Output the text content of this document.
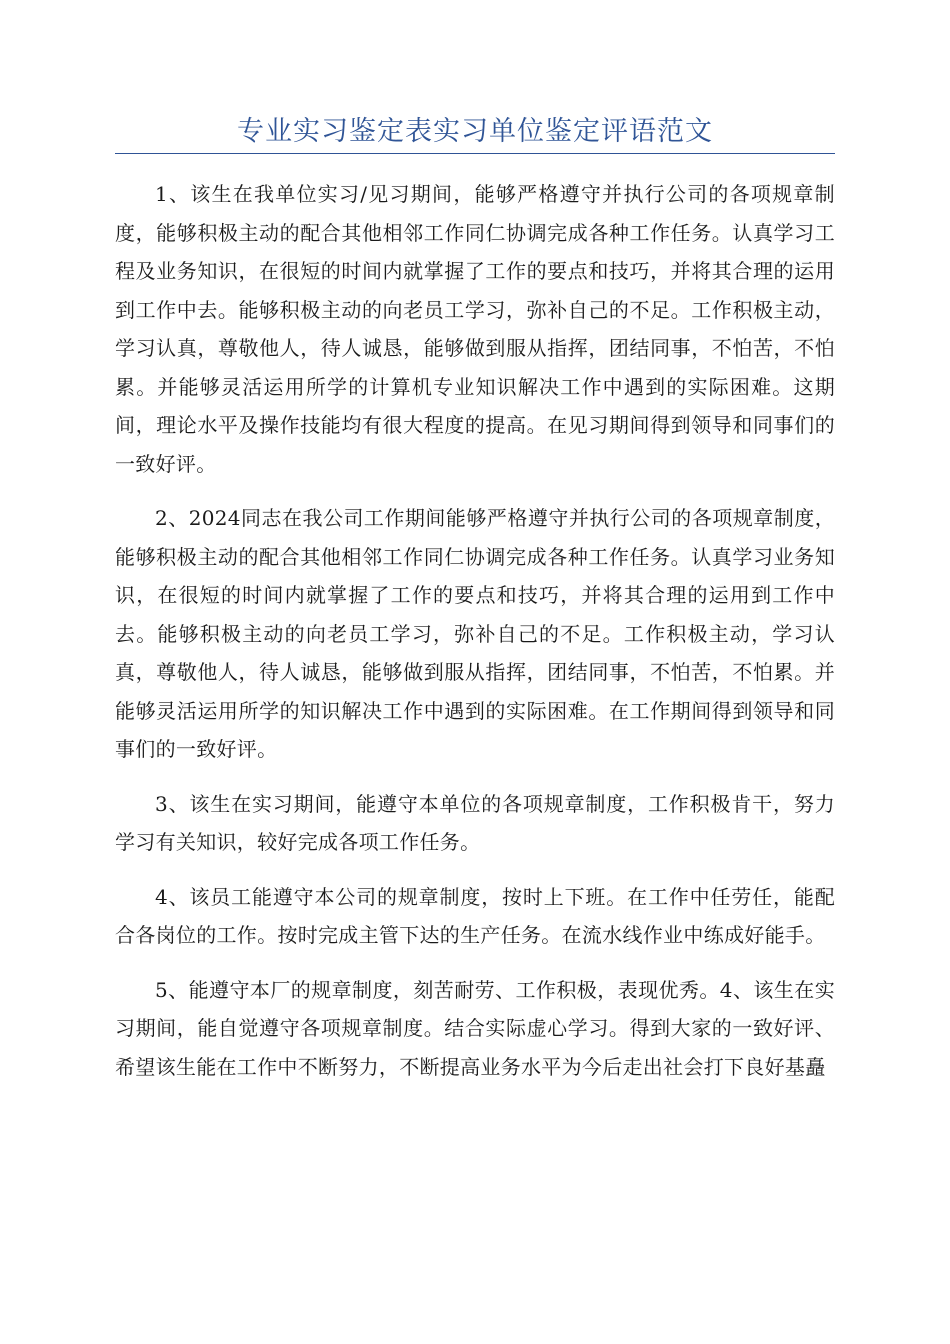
专业实习鉴定表实习单位鉴定评语范文

1、该生在我单位实习/见习期间，能够严格遵守并执行公司的各项规章制度，能够积极主动的配合其他相邻工作同仁协调完成各种工作任务。认真学习工程及业务知识，在很短的时间内就掌握了工作的要点和技巧，并将其合理的运用到工作中去。能够积极主动的向老员工学习，弥补自己的不足。工作积极主动，学习认真，尊敬他人，待人诚恳，能够做到服从指挥，团结同事，不怕苦，不怕累。并能够灵活运用所学的计算机专业知识解决工作中遇到的实际困难。这期间，理论水平及操作技能均有很大程度的提高。在见习期间得到领导和同事们的一致好评。

2、2024同志在我公司工作期间能够严格遵守并执行公司的各项规章制度，能够积极主动的配合其他相邻工作同仁协调完成各种工作任务。认真学习业务知识，在很短的时间内就掌握了工作的要点和技巧，并将其合理的运用到工作中去。能够积极主动的向老员工学习，弥补自己的不足。工作积极主动，学习认真，尊敬他人，待人诚恳，能够做到服从指挥，团结同事，不怕苦，不怕累。并能够灵活运用所学的知识解决工作中遇到的实际困难。在工作期间得到领导和同事们的一致好评。

3、该生在实习期间，能遵守本单位的各项规章制度，工作积极肯干，努力学习有关知识，较好完成各项工作任务。

4、该员工能遵守本公司的规章制度，按时上下班。在工作中任劳任，能配合各岗位的工作。按时完成主管下达的生产任务。在流水线作业中练成好能手。

5、能遵守本厂的规章制度，刻苦耐劳、工作积极，表现优秀。4、该生在实习期间，能自觉遵守各项规章制度。结合实际虚心学习。得到大家的一致好评、希望该生能在工作中不断努力，不断提高业务水平为今后走出社会打下良好基矗
